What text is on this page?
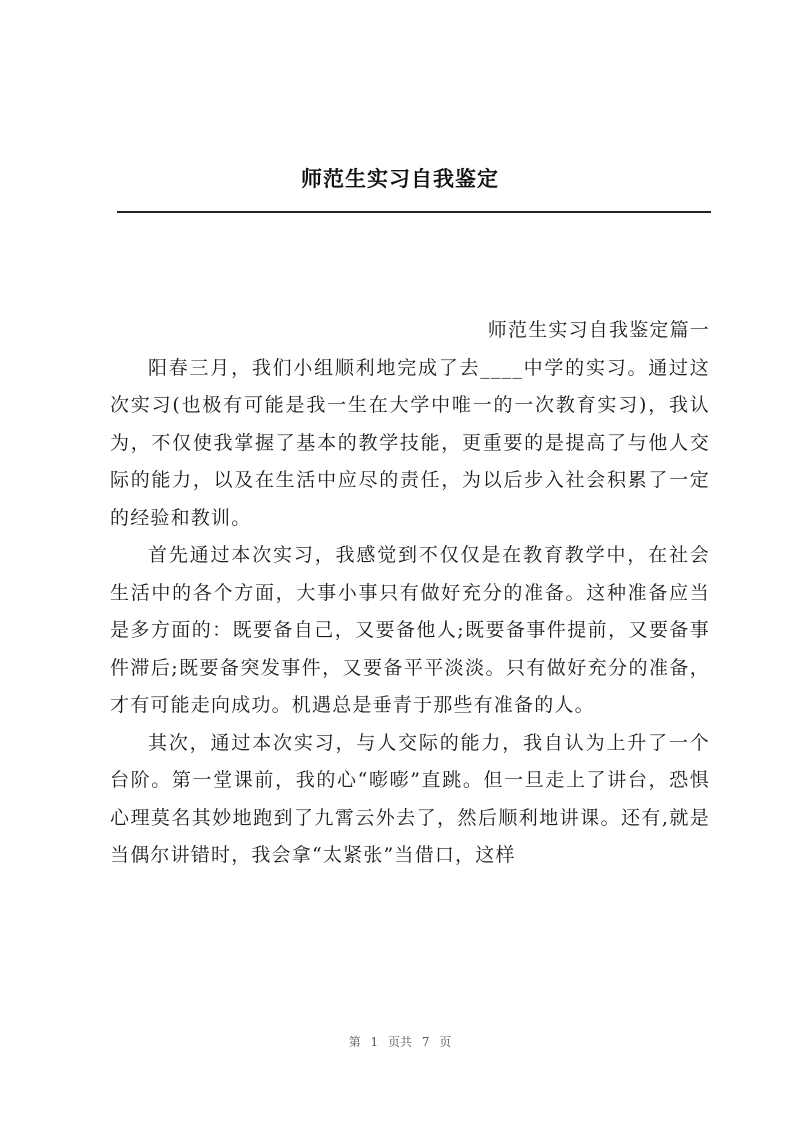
师范生实习自我鉴定

师范生实习自我鉴定篇一

阳春三月，我们小组顺利地完成了去____中学的实习。通过这次实习(也极有可能是我一生在大学中唯一的一次教育实习)，我认为，不仅使我掌握了基本的教学技能，更重要的是提高了与他人交际的能力，以及在生活中应尽的责任，为以后步入社会积累了一定的经验和教训。

首先通过本次实习，我感觉到不仅仅是在教育教学中，在社会生活中的各个方面，大事小事只有做好充分的准备。这种准备应当是多方面的：既要备自己，又要备他人;既要备事件提前，又要备事件滞后;既要备突发事件，又要备平平淡淡。只有做好充分的准备，才有可能走向成功。机遇总是垂青于那些有准备的人。

其次，通过本次实习，与人交际的能力，我自认为上升了一个台阶。第一堂课前，我的心“嘭嘭”直跳。但一旦走上了讲台，恐惧心理莫名其妙地跑到了九霄云外去了，然后顺利地讲课。还有,就是当偶尔讲错时，我会拿“太紧张”当借口，这样

第 1 页共 7 页
